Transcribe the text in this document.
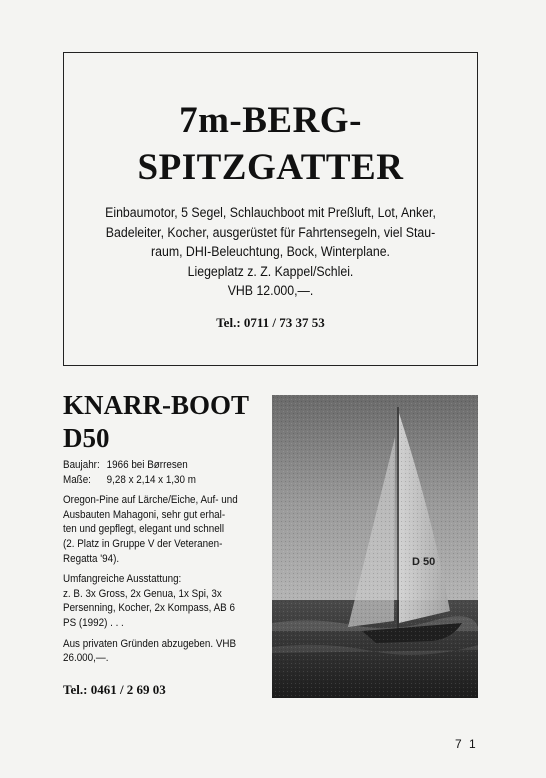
7m-BERG-
SPITZGATTER

Einbaumotor, 5 Segel, Schlauchboot mit Preßluft, Lot, Anker,
Badeleiter, Kocher, ausgerüstet für Fahrtensegeln, viel Stau-
raum, DHI-Beleuchtung, Bock, Winterplane.
Liegeplatz z. Z. Kappel/Schlei.
VHB 12.000,—.

Tel.: 0711 / 73 37 53
KNARR-BOOT
D50

Baujahr: 1966 bei Børresen
Maße: 9,28 x 2,14 x 1,30 m

Oregon-Pine auf Lärche/Eiche, Auf- und
Ausbauten Mahagoni, sehr gut erhal-
ten und gepflegt, elegant und schnell
(2. Platz in Gruppe V der Veteranen-
Regatta '94).

Umfangreiche Ausstattung:
z. B. 3x Gross, 2x Genua, 1x Spi, 3x
Persenning, Kocher, 2x Kompass, AB 6
PS (1992) . . .

Aus privaten Gründen abzugeben. VHB
26.000,—.

Tel.: 0461 / 2 69 03
7 1
